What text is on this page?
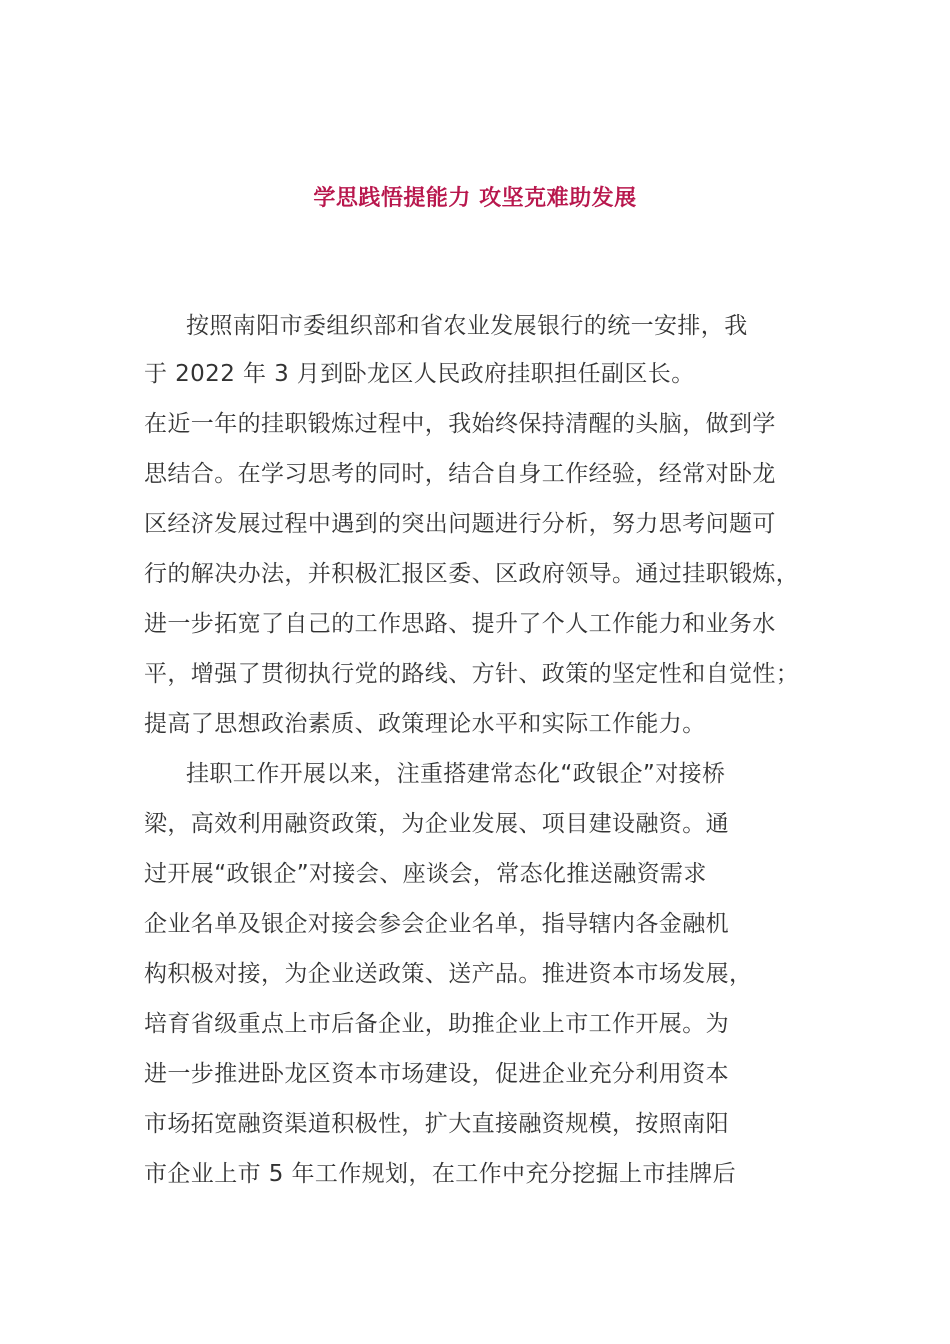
学思践悟提能力 攻坚克难助发展
按照南阳市委组织部和省农业发展银行的统一安排，我
于 2022 年 3 月到卧龙区人民政府挂职担任副区长。
在近一年的挂职锻炼过程中，我始终保持清醒的头脑，做到学
思结合。在学习思考的同时，结合自身工作经验，经常对卧龙
区经济发展过程中遇到的突出问题进行分析，努力思考问题可
行的解决办法，并积极汇报区委、区政府领导。通过挂职锻炼，
进一步拓宽了自己的工作思路、提升了个人工作能力和业务水
平，增强了贯彻执行党的路线、方针、政策的坚定性和自觉性；
提高了思想政治素质、政策理论水平和实际工作能力。
挂职工作开展以来，注重搭建常态化“政银企”对接桥
梁，高效利用融资政策，为企业发展、项目建设融资。通
过开展“政银企”对接会、座谈会，常态化推送融资需求
企业名单及银企对接会参会企业名单，指导辖内各金融机
构积极对接，为企业送政策、送产品。推进资本市场发展，
培育省级重点上市后备企业，助推企业上市工作开展。为
进一步推进卧龙区资本市场建设，促进企业充分利用资本
市场拓宽融资渠道积极性，扩大直接融资规模，按照南阳
市企业上市 5 年工作规划，在工作中充分挖掘上市挂牌后
